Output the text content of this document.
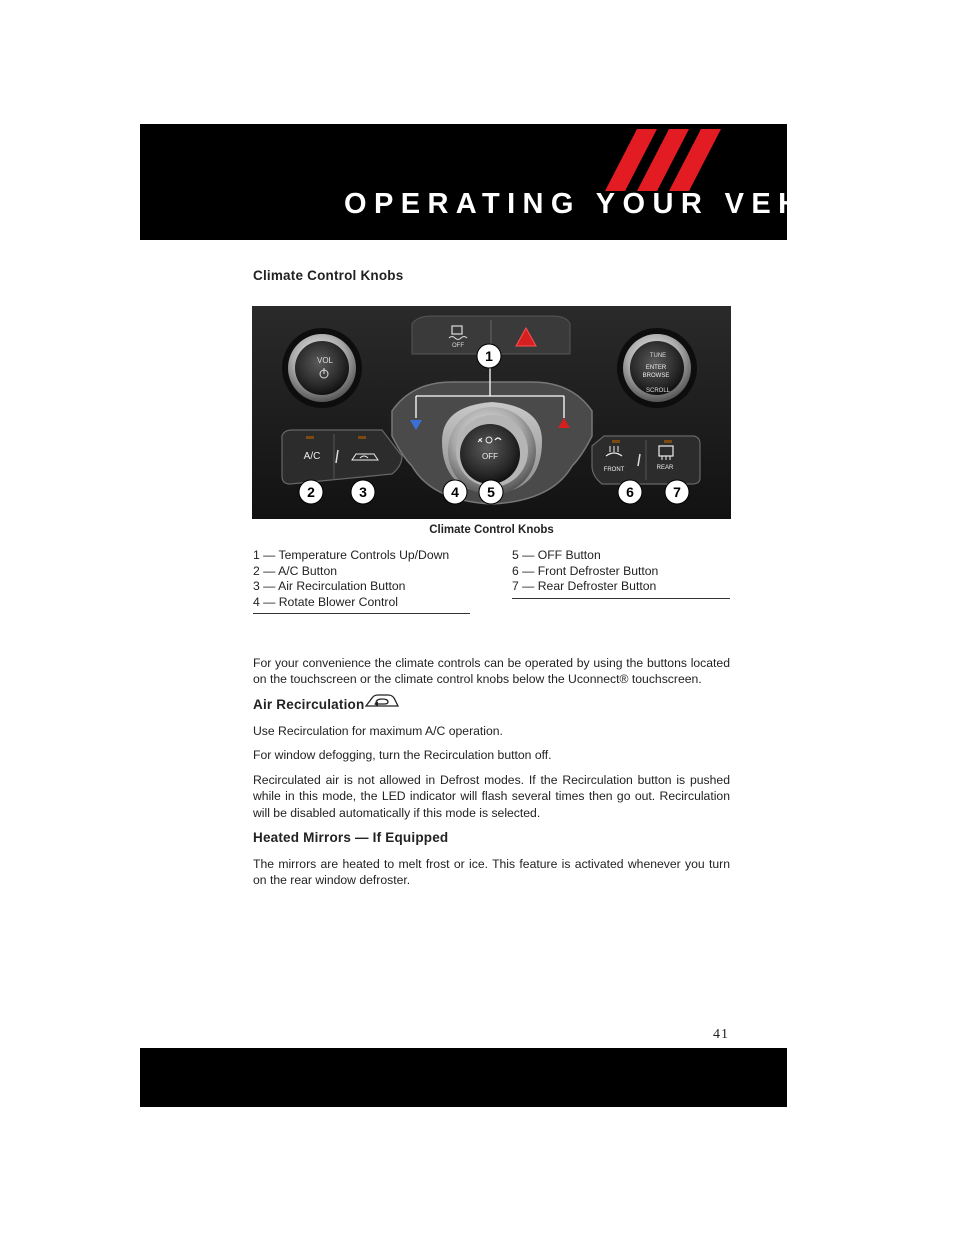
OPERATING YOUR VEHICLE
Climate Control Knobs
OFF
VOL	TUNE
ENTER
BROWSE
SCROLL
OFF
A/C
FRONT	REAR
1
2	3	4 5	6	7
Climate Control Knobs
1 — Temperature Controls Up/Down
2 — A/C Button
3 — Air Recirculation Button
4 — Rotate Blower Control
5 — OFF Button
6 — Front Defroster Button
7 — Rear Defroster Button
For your convenience the climate controls can be operated by using the buttons located on the touchscreen or the climate control knobs below the Uconnect® touchscreen.
Air Recirculation
Use Recirculation for maximum A/C operation.
For window defogging, turn the Recirculation button off.
Recirculated air is not allowed in Defrost modes. If the Recirculation button is pushed while in this mode, the LED indicator will flash several times then go out. Recirculation will be disabled automatically if this mode is selected.
Heated Mirrors — If Equipped
The mirrors are heated to melt frost or ice. This feature is activated whenever you turn on the rear window defroster.
41
